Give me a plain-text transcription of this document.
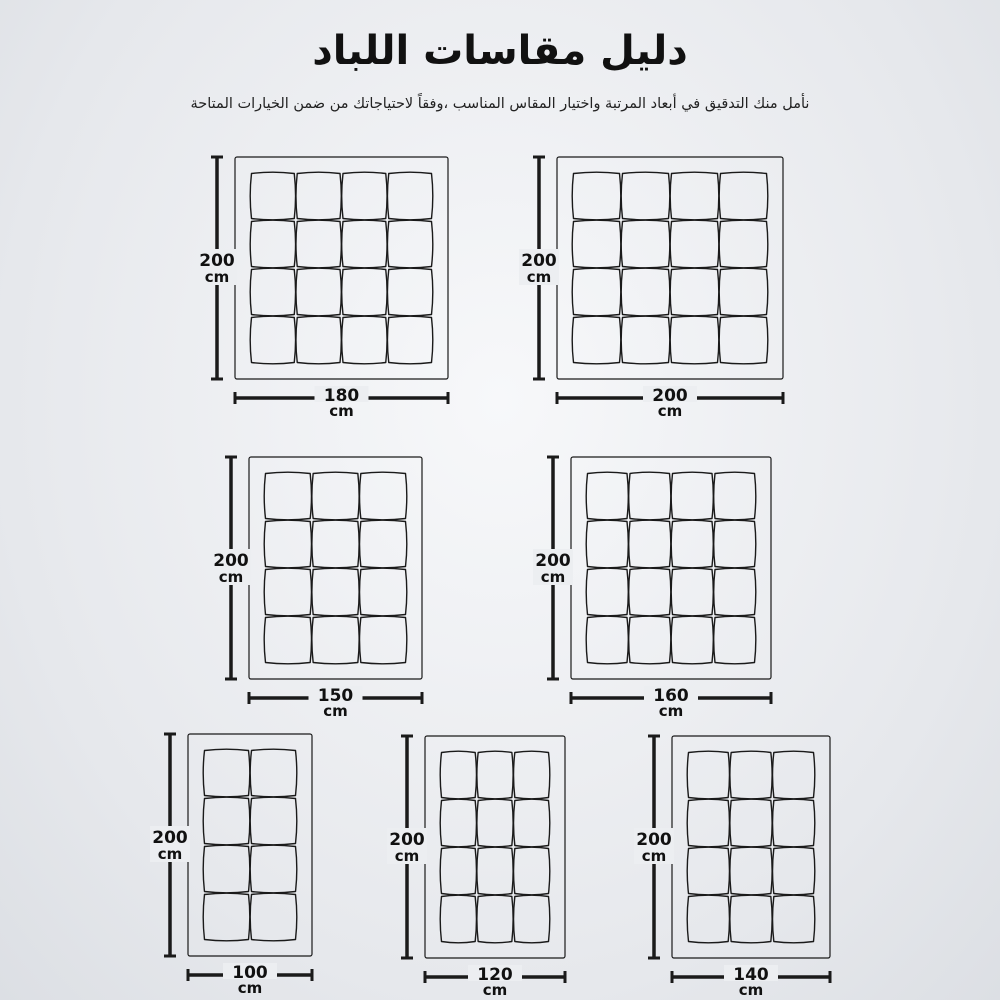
دليل مقاسات اللباد
نأمل منك التدقيق في أبعاد المرتبة واختيار المقاس المناسب ،وفقاً لاحتياجاتك من ضمن الخيارات المتاحة
200
cm
180
cm
200
cm
200
cm
200
cm
150
cm
200
cm
160
cm
200
cm
100
cm
200
cm
120
cm
200
cm
140
cm
